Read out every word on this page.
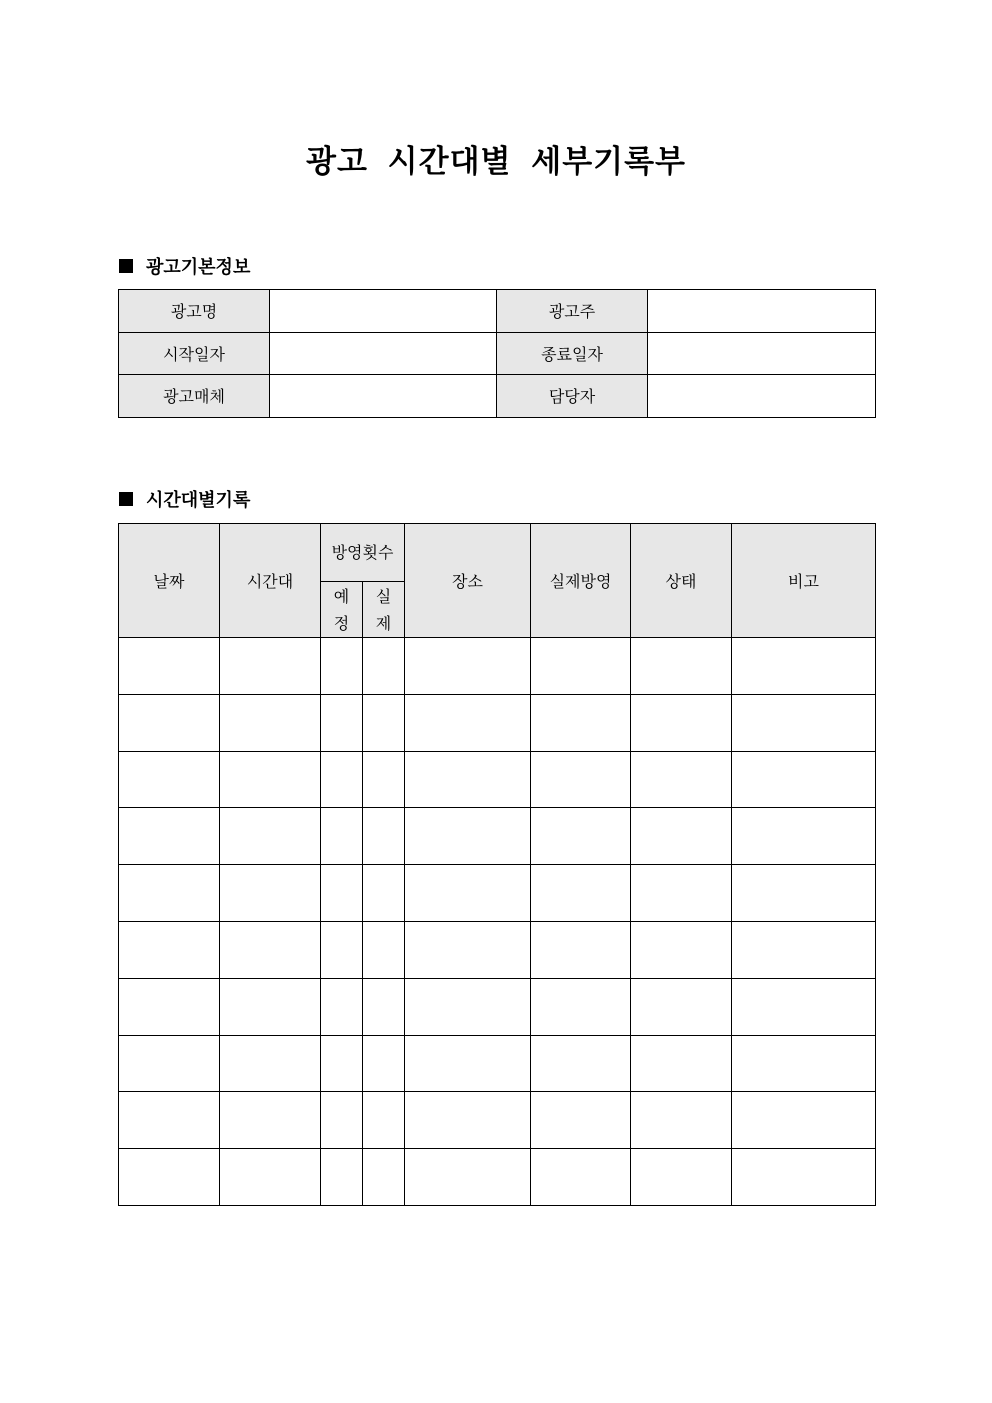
광고 시간대별 세부기록부
광고기본정보
광고명		광고주	
시작일자		종료일자	
광고매체		담당자	
시간대별기록
날짜	시간대	방영횟수		장소	실제방영	상태	비고
		예정	실제				
